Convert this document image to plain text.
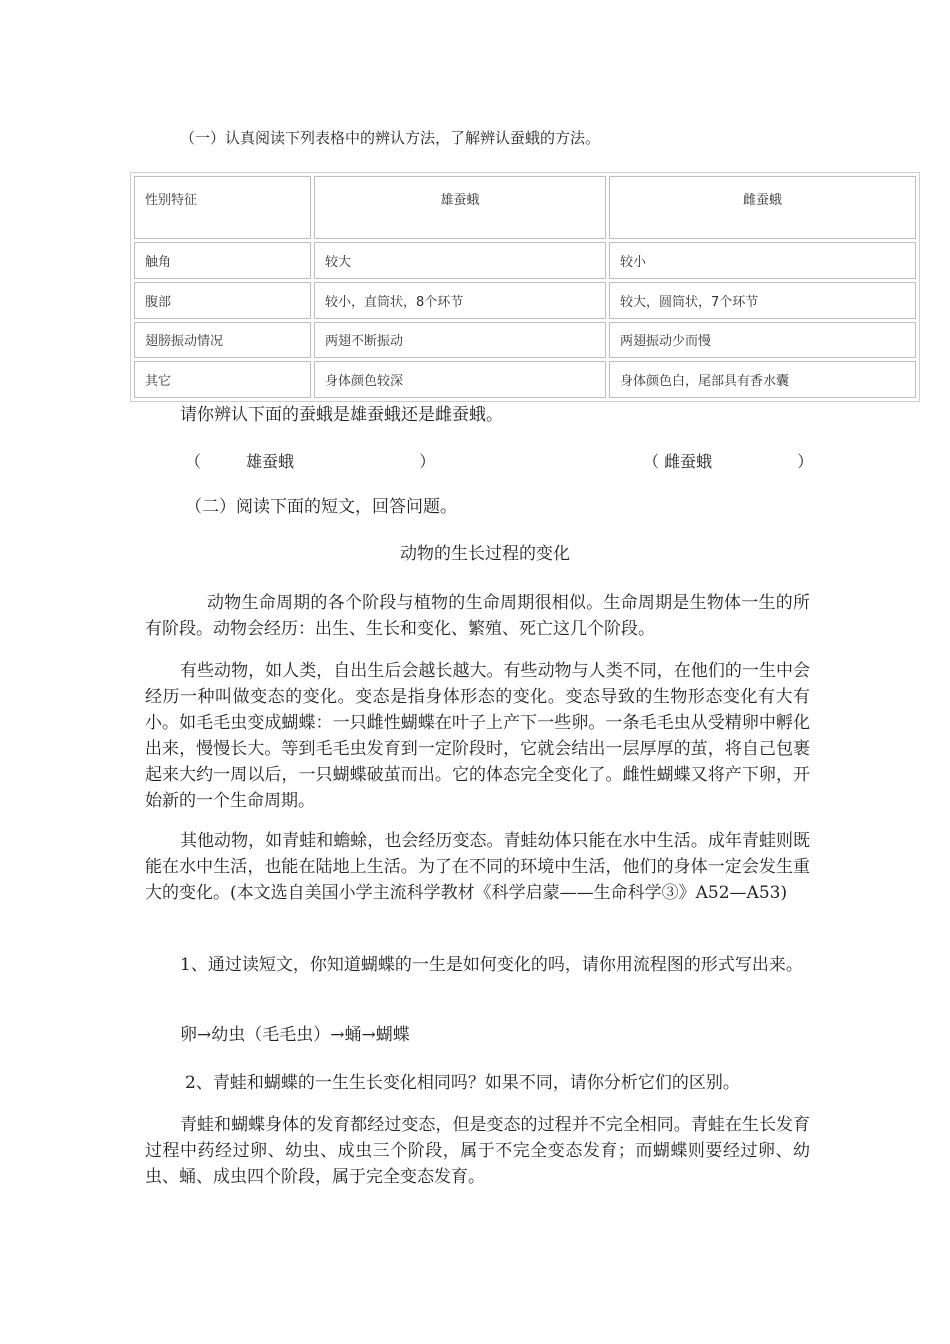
（一）认真阅读下列表格中的辨认方法，了解辨认蚕蛾的方法。
性别特征	雄蚕蛾	雌蚕蛾
触角	较大	较小
腹部	较小，直筒状，8个环节	较大，圆筒状，7个环节
翅膀振动情况	两翅不断振动	两翅振动少而慢
其它	身体颜色较深	身体颜色白，尾部具有香水囊
请你辨认下面的蚕蛾是雄蚕蛾还是雌蚕蛾。
（	雄蚕蛾	）	（ 雌蚕蛾	）
（二）阅读下面的短文，回答问题。
动物的生长过程的变化
动物生命周期的各个阶段与植物的生命周期很相似。生命周期是生物体一生的所有阶段。动物会经历：出生、生长和变化、繁殖、死亡这几个阶段。
有些动物，如人类，自出生后会越长越大。有些动物与人类不同，在他们的一生中会经历一种叫做变态的变化。变态是指身体形态的变化。变态导致的生物形态变化有大有小。如毛毛虫变成蝴蝶：一只雌性蝴蝶在叶子上产下一些卵。一条毛毛虫从受精卵中孵化出来，慢慢长大。等到毛毛虫发育到一定阶段时，它就会结出一层厚厚的茧，将自己包裹起来大约一周以后，一只蝴蝶破茧而出。它的体态完全变化了。雌性蝴蝶又将产下卵，开始新的一个生命周期。
其他动物，如青蛙和蟾蜍，也会经历变态。青蛙幼体只能在水中生活。成年青蛙则既能在水中生活，也能在陆地上生活。为了在不同的环境中生活，他们的身体一定会发生重大的变化。(本文选自美国小学主流科学教材《科学启蒙——生命科学③》A52—A53)
1、通过读短文，你知道蝴蝶的一生是如何变化的吗，请你用流程图的形式写出来。
卵→幼虫（毛毛虫）→蛹→蝴蝶
2、青蛙和蝴蝶的一生生长变化相同吗？如果不同，请你分析它们的区别。
青蛙和蝴蝶身体的发育都经过变态，但是变态的过程并不完全相同。青蛙在生长发育过程中药经过卵、幼虫、成虫三个阶段，属于不完全变态发育；而蝴蝶则要经过卵、幼虫、蛹、成虫四个阶段，属于完全变态发育。
